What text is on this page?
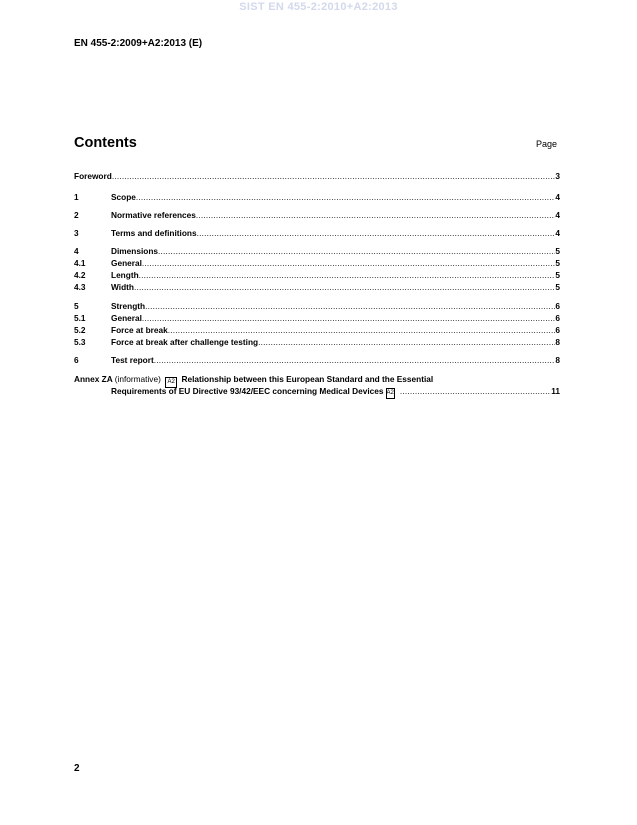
SIST EN 455-2:2010+A2:2013
EN 455-2:2009+A2:2013 (E)
Contents	Page
Foreword .....	3
1	Scope .....	4
2	Normative references .....	4
3	Terms and definitions .....	4
4	Dimensions .....	5
4.1	General .....	5
4.2	Length .....	5
4.3	Width .....	5
5	Strength .....	6
5.1	General .....	6
5.2	Force at break .....	6
5.3	Force at break after challenge testing .....	8
6	Test report .....	8
Annex ZA (informative) A2 Relationship between this European Standard and the Essential
Requirements of EU Directive 93/42/EEC concerning Medical Devices A2 .....	11
2
